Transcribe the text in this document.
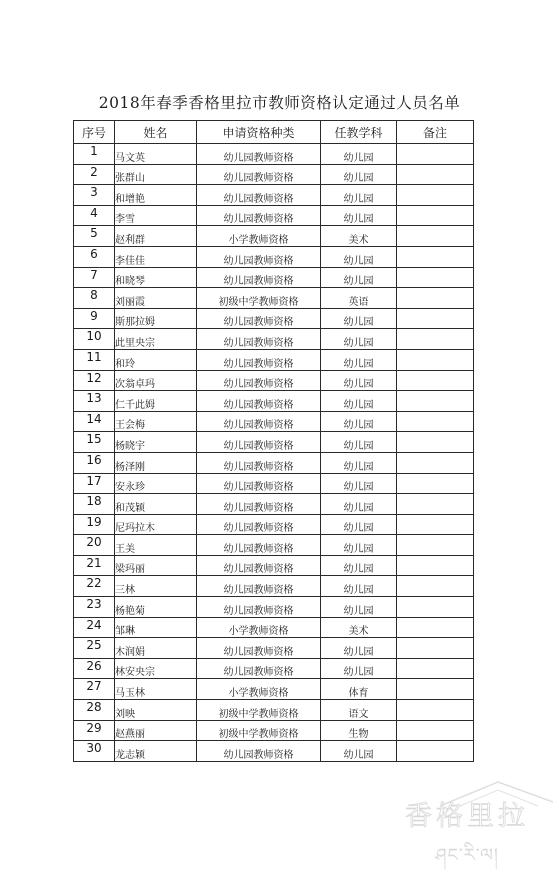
2018年春季香格里拉市教师资格认定通过人员名单
序号	姓名	申请资格种类	任教学科	备注
1	马文英	幼儿园教师资格	幼儿园	
2	张群山	幼儿园教师资格	幼儿园	
3	和增艳	幼儿园教师资格	幼儿园	
4	李雪	幼儿园教师资格	幼儿园	
5	赵利群	小学教师资格	美术	
6	李佳佳	幼儿园教师资格	幼儿园	
7	和晓琴	幼儿园教师资格	幼儿园	
8	刘丽霞	初级中学教师资格	英语	
9	斯那拉姆	幼儿园教师资格	幼儿园	
10	此里央宗	幼儿园教师资格	幼儿园	
11	和玲	幼儿园教师资格	幼儿园	
12	次翁卓玛	幼儿园教师资格	幼儿园	
13	仁千此姆	幼儿园教师资格	幼儿园	
14	王会梅	幼儿园教师资格	幼儿园	
15	杨晓宇	幼儿园教师资格	幼儿园	
16	杨泽刚	幼儿园教师资格	幼儿园	
17	安永珍	幼儿园教师资格	幼儿园	
18	和茂颖	幼儿园教师资格	幼儿园	
19	尼玛拉木	幼儿园教师资格	幼儿园	
20	王美	幼儿园教师资格	幼儿园	
21	梁玛丽	幼儿园教师资格	幼儿园	
22	三林	幼儿园教师资格	幼儿园	
23	杨艳菊	幼儿园教师资格	幼儿园	
24	邹琳	小学教师资格	美术	
25	木润娟	幼儿园教师资格	幼儿园	
26	林安央宗	幼儿园教师资格	幼儿园	
27	马玉林	小学教师资格	体育	
28	刘映	初级中学教师资格	语文	
29	赵燕丽	初级中学教师资格	生物	
30	龙志颖	幼儿园教师资格	幼儿园	
香格里拉
ཤང་རི་ལ།
